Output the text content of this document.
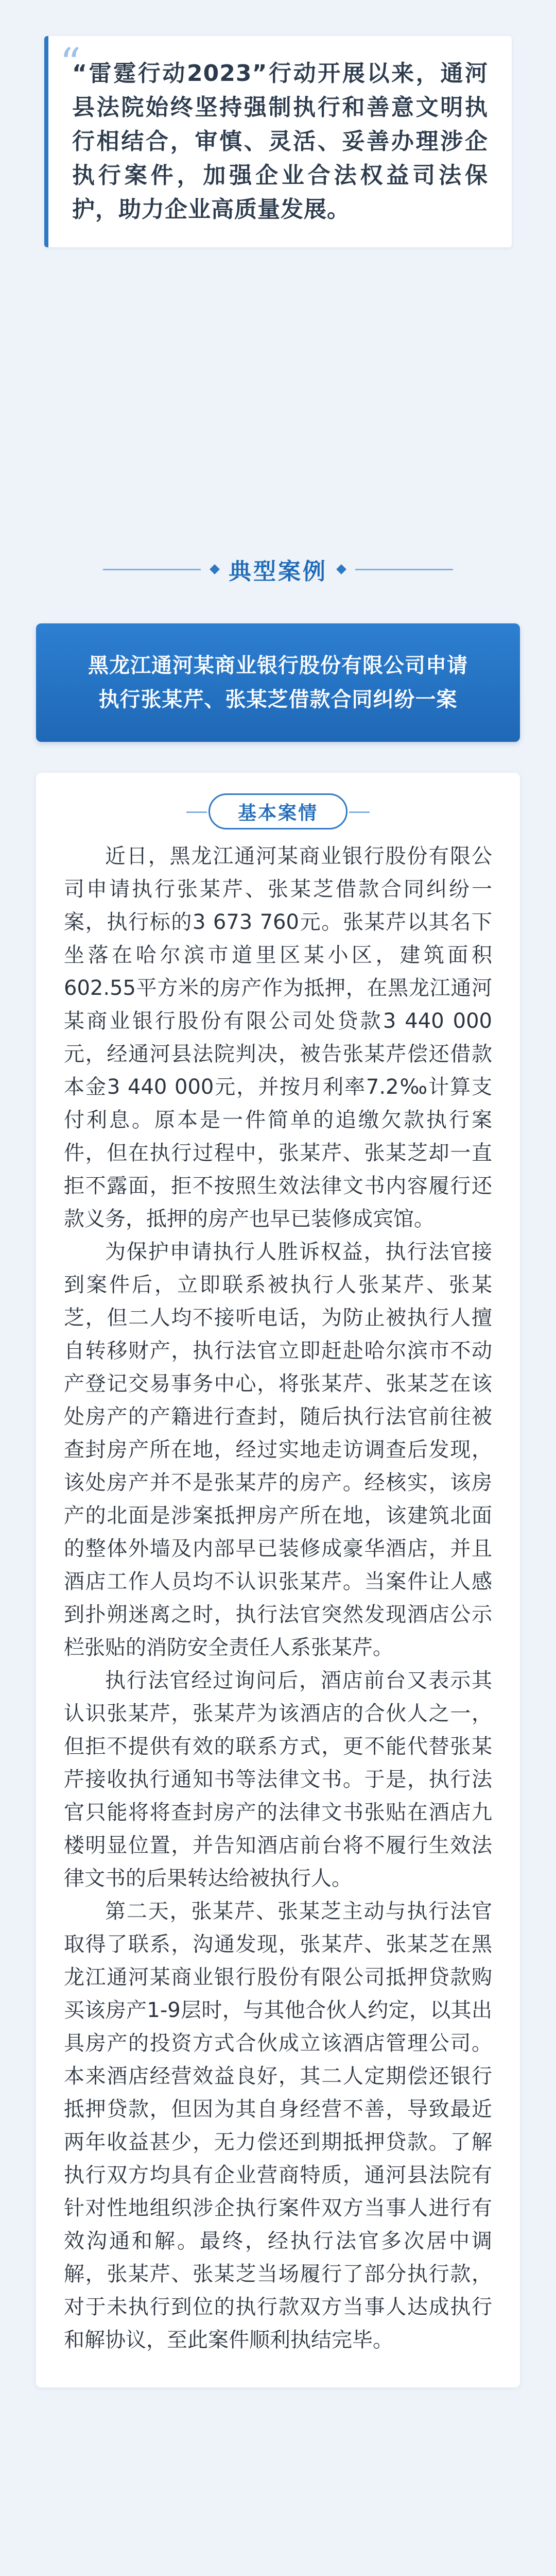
“

“雷霆行动2023”行动开展以来，通河县法院始终坚持强制执行和善意文明执行相结合，审慎、灵活、妥善办理涉企执行案件，加强企业合法权益司法保护，助力企业高质量发展。

典型案例
黑龙江通河某商业银行股份有限公司申请
执行张某芹、张某芝借款合同纠纷一案
基本案情

近日，黑龙江通河某商业银行股份有限公司申请执行张某芹、张某芝借款合同纠纷一案，执行标的3 673 760元。张某芹以其名下坐落在哈尔滨市道里区某小区，建筑面积602.55平方米的房产作为抵押，在黑龙江通河某商业银行股份有限公司处贷款3 440 000元，经通河县法院判决，被告张某芹偿还借款本金3 440 000元，并按月利率7.2‰计算支付利息。原本是一件简单的追缴欠款执行案件，但在执行过程中，张某芹、张某芝却一直拒不露面，拒不按照生效法律文书内容履行还款义务，抵押的房产也早已装修成宾馆。

为保护申请执行人胜诉权益，执行法官接到案件后，立即联系被执行人张某芹、张某芝，但二人均不接听电话，为防止被执行人擅自转移财产，执行法官立即赶赴哈尔滨市不动产登记交易事务中心，将张某芹、张某芝在该处房产的产籍进行查封，随后执行法官前往被查封房产所在地，经过实地走访调查后发现，该处房产并不是张某芹的房产。经核实，该房产的北面是涉案抵押房产所在地，该建筑北面的整体外墙及内部早已装修成豪华酒店，并且酒店工作人员均不认识张某芹。当案件让人感到扑朔迷离之时，执行法官突然发现酒店公示栏张贴的消防安全责任人系张某芹。

执行法官经过询问后，酒店前台又表示其认识张某芹，张某芹为该酒店的合伙人之一，但拒不提供有效的联系方式，更不能代替张某芹接收执行通知书等法律文书。于是，执行法官只能将将查封房产的法律文书张贴在酒店九楼明显位置，并告知酒店前台将不履行生效法律文书的后果转达给被执行人。

第二天，张某芹、张某芝主动与执行法官取得了联系，沟通发现，张某芹、张某芝在黑龙江通河某商业银行股份有限公司抵押贷款购买该房产1-9层时，与其他合伙人约定，以其出具房产的投资方式合伙成立该酒店管理公司。本来酒店经营效益良好，其二人定期偿还银行抵押贷款，但因为其自身经营不善，导致最近两年收益甚少，无力偿还到期抵押贷款。了解执行双方均具有企业营商特质，通河县法院有针对性地组织涉企执行案件双方当事人进行有效沟通和解。最终，经执行法官多次居中调解，张某芹、张某芝当场履行了部分执行款，对于未执行到位的执行款双方当事人达成执行和解协议，至此案件顺利执结完毕。
